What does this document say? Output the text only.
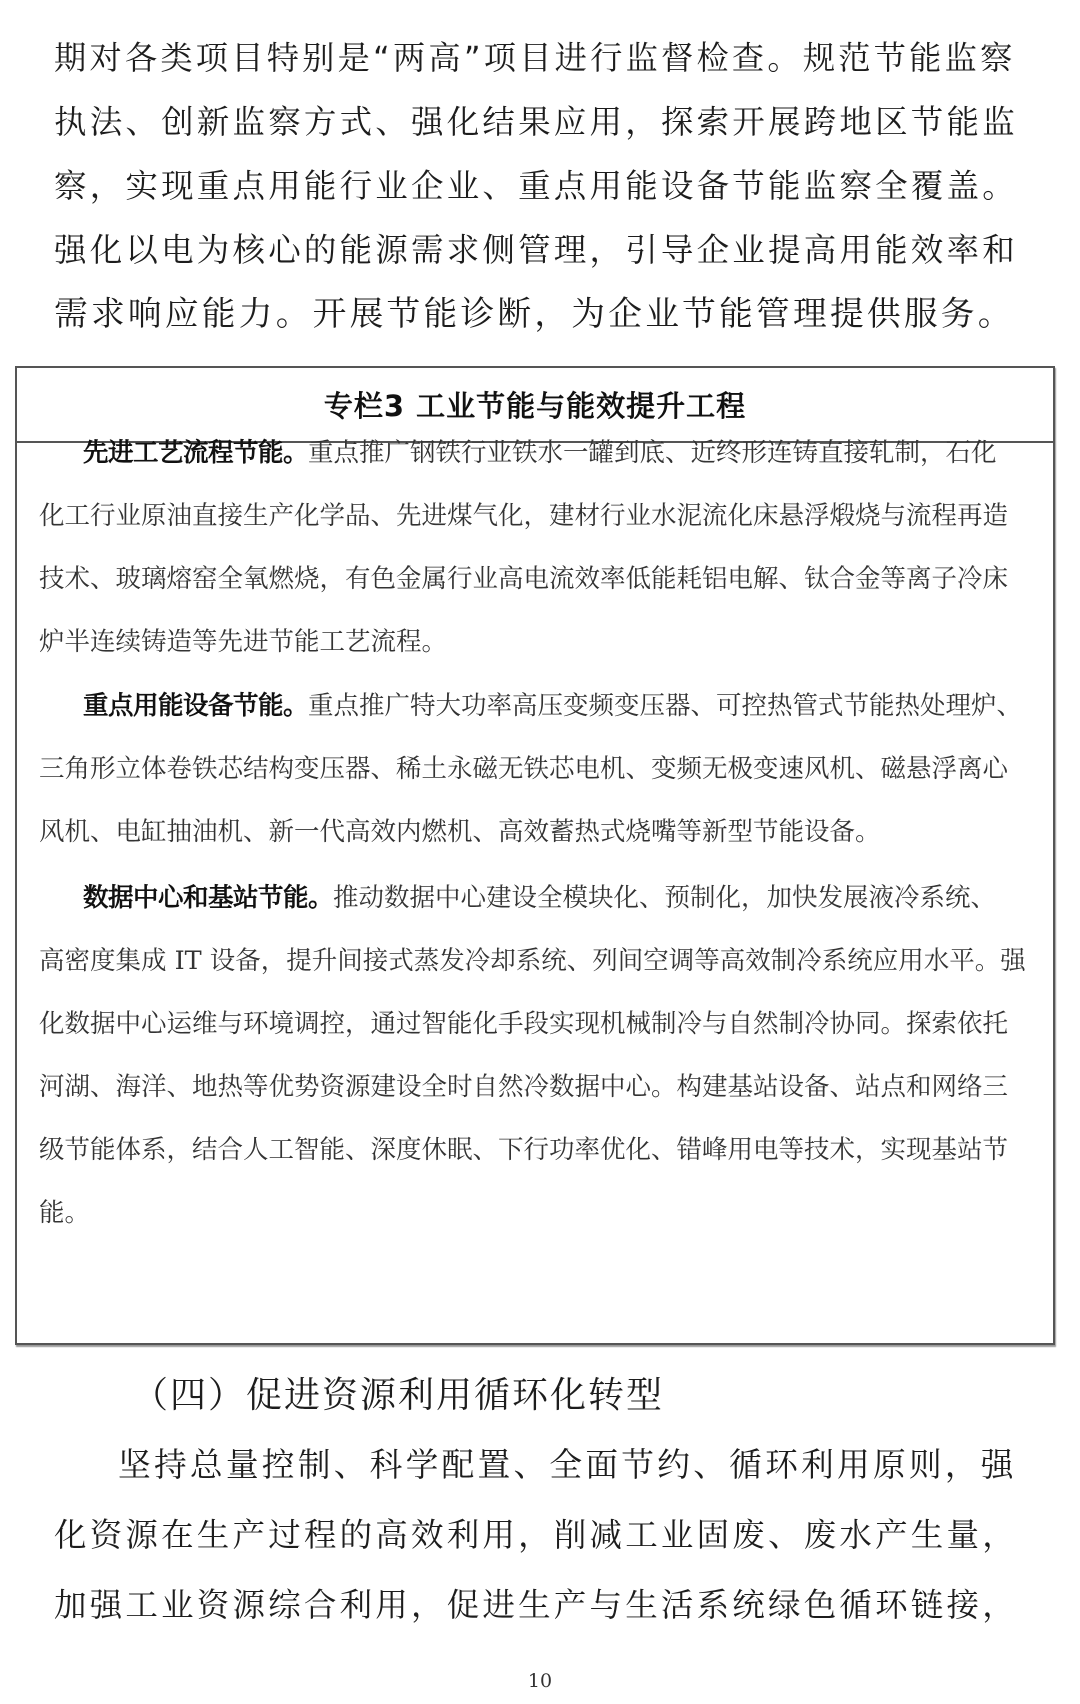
期对各类项目特别是“两高”项目进行监督检查。规范节能监察
执法、创新监察方式、强化结果应用，探索开展跨地区节能监
察，实现重点用能行业企业、重点用能设备节能监察全覆盖。
强化以电为核心的能源需求侧管理，引导企业提高用能效率和
需求响应能力。开展节能诊断，为企业节能管理提供服务。
专栏3 工业节能与能效提升工程
先进工艺流程节能。重点推广钢铁行业铁水一罐到底、近终形连铸直接轧制，石化
化工行业原油直接生产化学品、先进煤气化，建材行业水泥流化床悬浮煅烧与流程再造
技术、玻璃熔窑全氧燃烧，有色金属行业高电流效率低能耗铝电解、钛合金等离子冷床
炉半连续铸造等先进节能工艺流程。
重点用能设备节能。重点推广特大功率高压变频变压器、可控热管式节能热处理炉、
三角形立体卷铁芯结构变压器、稀土永磁无铁芯电机、变频无极变速风机、磁悬浮离心
风机、电缸抽油机、新一代高效内燃机、高效蓄热式烧嘴等新型节能设备。
数据中心和基站节能。推动数据中心建设全模块化、预制化，加快发展液冷系统、
高密度集成 IT 设备，提升间接式蒸发冷却系统、列间空调等高效制冷系统应用水平。强
化数据中心运维与环境调控，通过智能化手段实现机械制冷与自然制冷协同。探索依托
河湖、海洋、地热等优势资源建设全时自然冷数据中心。构建基站设备、站点和网络三
级节能体系，结合人工智能、深度休眠、下行功率优化、错峰用电等技术，实现基站节
能。
（四）促进资源利用循环化转型
坚持总量控制、科学配置、全面节约、循环利用原则，强
化资源在生产过程的高效利用，削减工业固废、废水产生量，
加强工业资源综合利用，促进生产与生活系统绿色循环链接，
10
